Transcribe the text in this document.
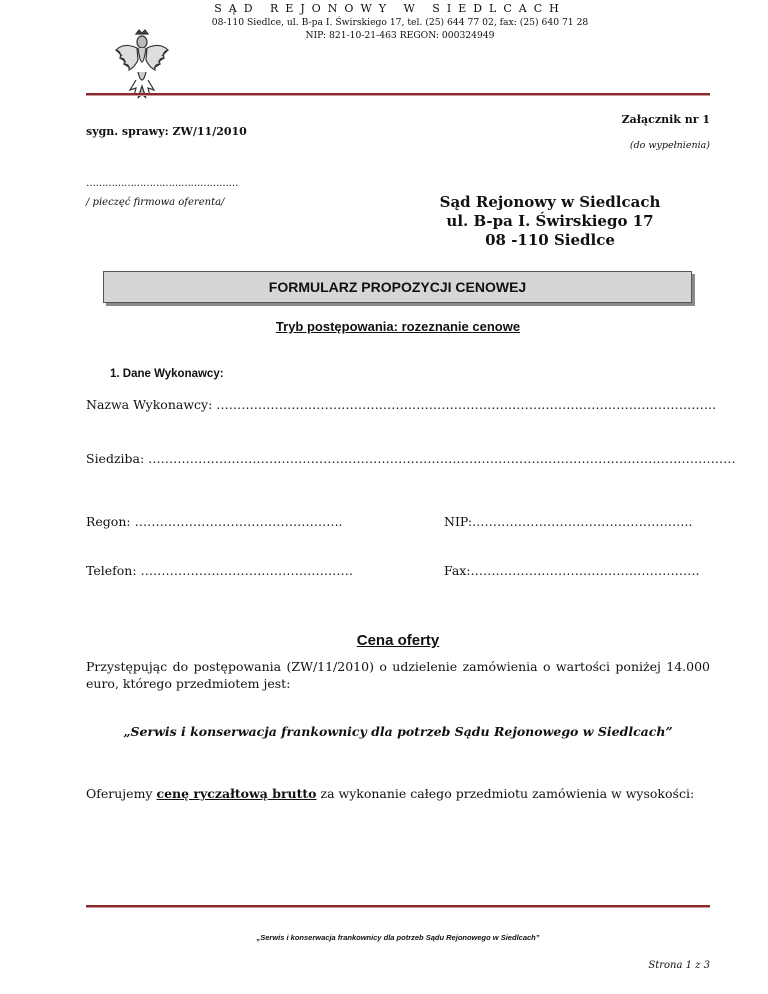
SĄD REJONOWY W SIEDLCACH
08-110 Siedlce, ul. B-pa I. Świrskiego 17, tel. (25) 644 77 02, fax: (25) 640 71 28
NIP: 821-10-21-463 REGON: 000324949
Załącznik nr 1
sygn. sprawy: ZW/11/2010
(do wypełnienia)
…………………………………………
/ pieczęć firmowa oferenta/	Sąd Rejonowy w Siedlcach
ul. B-pa I. Świrskiego 17
08 -110 Siedlce
FORMULARZ PROPOZYCJI CENOWEJ
Tryb postępowania: rozeznanie cenowe
1. Dane Wykonawcy:
Nazwa Wykonawcy: …………………………………………………………………………………………………………
Siedziba: ……………………………………………………………………………………………………………………………
Regon: …………………………………………..	NIP:……………………………………………..
Telefon: ……………………………………………	Fax:……………………………………………….
Cena oferty
Przystępując do postępowania (ZW/11/2010) o udzielenie zamówienia o wartości poniżej 14.000 euro, którego przedmiotem jest:
„Serwis i konserwacja frankownicy dla potrzeb Sądu Rejonowego w Siedlcach”
Oferujemy cenę ryczałtową brutto za wykonanie całego przedmiotu zamówienia w wysokości:
„Serwis i konserwacja frankownicy dla potrzeb Sądu Rejonowego w Siedlcach”
Strona 1 z 3
